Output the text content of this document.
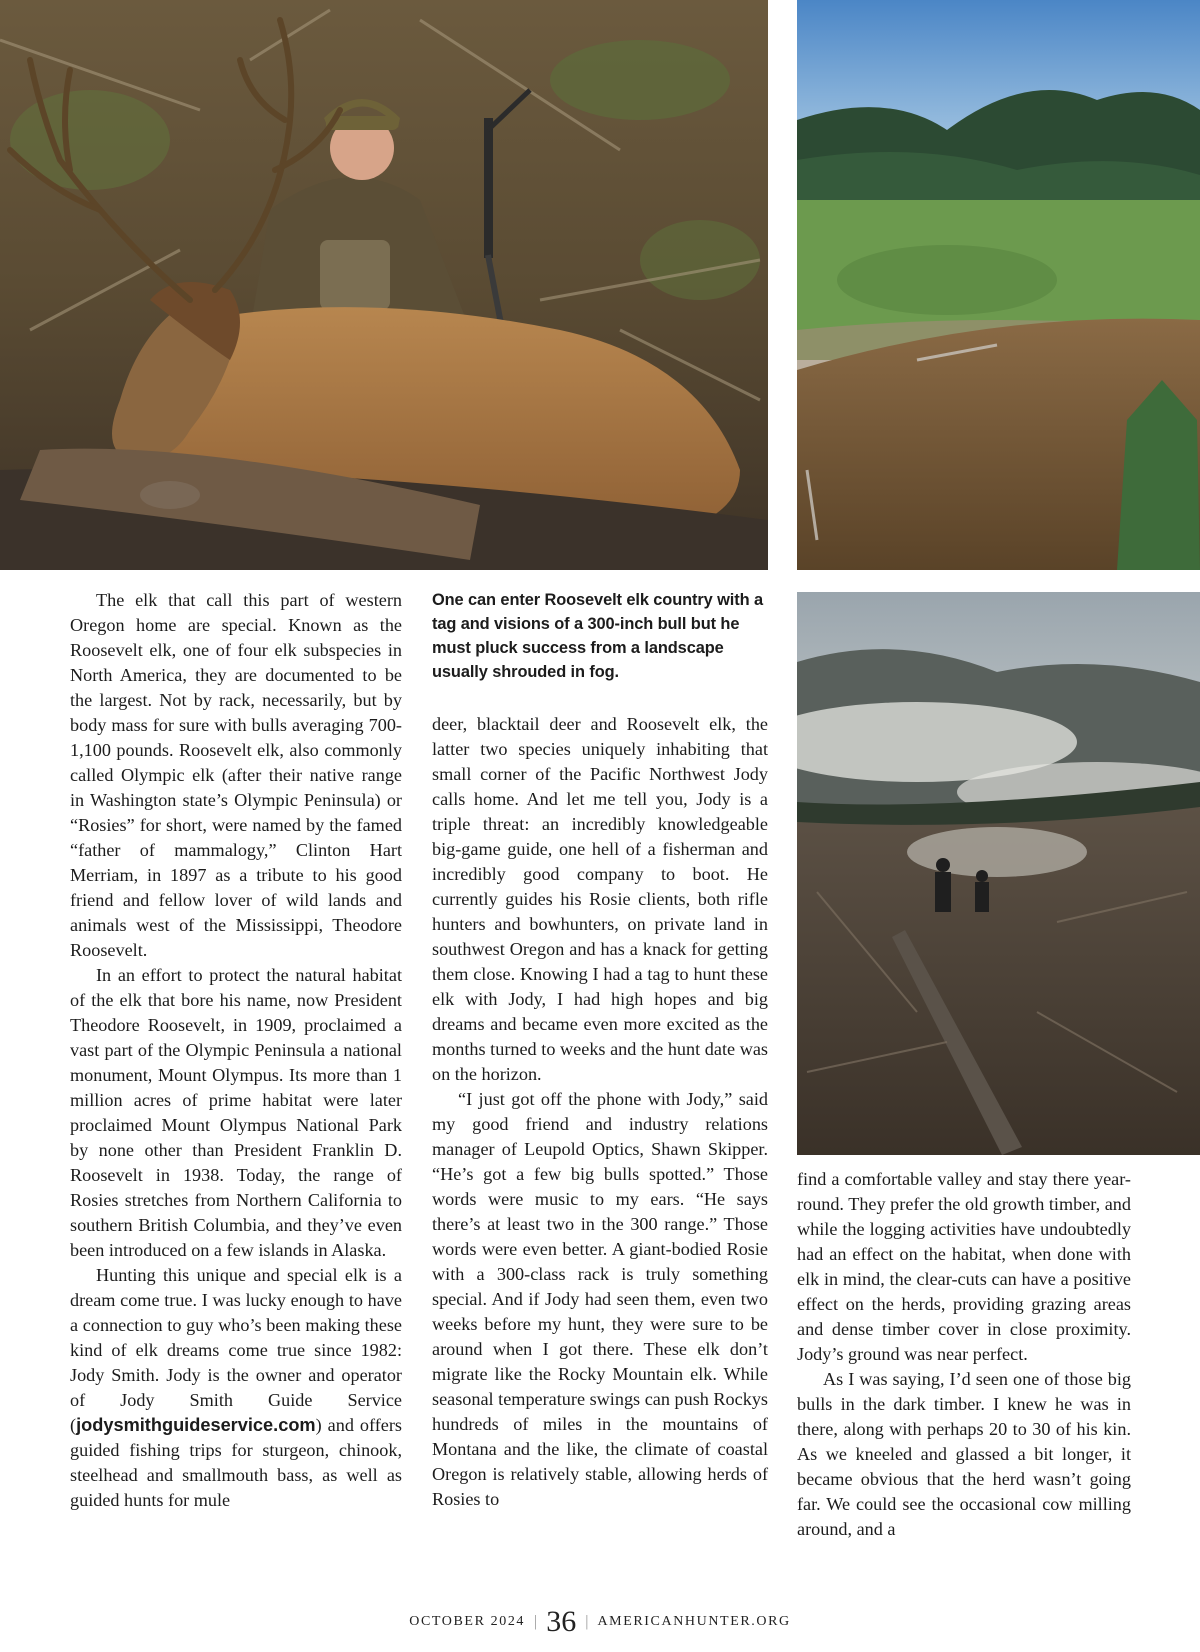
The elk that call this part of western Oregon home are special. Known as the Roosevelt elk, one of four elk subspecies in North America, they are documented to be the largest. Not by rack, necessarily, but by body mass for sure with bulls averaging 700-1,100 pounds. Roosevelt elk, also commonly called Olympic elk (after their native range in Washington state’s Olympic Peninsula) or “Rosies” for short, were named by the famed “father of mammalogy,” Clinton Hart Merriam, in 1897 as a tribute to his good friend and fellow lover of wild lands and animals west of the Mississippi, Theodore Roosevelt.

In an effort to protect the natural habitat of the elk that bore his name, now President Theodore Roosevelt, in 1909, proclaimed a vast part of the Olympic Peninsula a national monument, Mount Olympus. Its more than 1 million acres of prime habitat were later proclaimed Mount Olympus National Park by none other than President Franklin D. Roosevelt in 1938. Today, the range of Rosies stretches from Northern California to southern British Columbia, and they’ve even been introduced on a few islands in Alaska.

Hunting this unique and special elk is a dream come true. I was lucky enough to have a connection to guy who’s been making these kind of elk dreams come true since 1982: Jody Smith. Jody is the owner and operator of Jody Smith Guide Service (jodysmithguideservice.com) and offers guided fishing trips for sturgeon, chinook, steelhead and smallmouth bass, as well as guided hunts for mule

One can enter Roosevelt elk country with a tag and visions of a 300-inch bull but he must pluck success from a landscape usually shrouded in fog.

deer, blacktail deer and Roosevelt elk, the latter two species uniquely inhabiting that small corner of the Pacific Northwest Jody calls home. And let me tell you, Jody is a triple threat: an incredibly knowledgeable big-game guide, one hell of a fisherman and incredibly good company to boot. He currently guides his Rosie clients, both rifle hunters and bowhunters, on private land in southwest Oregon and has a knack for getting them close. Knowing I had a tag to hunt these elk with Jody, I had high hopes and big dreams and became even more excited as the months turned to weeks and the hunt date was on the horizon.

“I just got off the phone with Jody,” said my good friend and industry relations manager of Leupold Optics, Shawn Skipper. “He’s got a few big bulls spotted.” Those words were music to my ears. “He says there’s at least two in the 300 range.” Those words were even better. A giant-bodied Rosie with a 300-class rack is truly something special. And if Jody had seen them, even two weeks before my hunt, they were sure to be around when I got there. These elk don’t migrate like the Rocky Mountain elk. While seasonal temperature swings can push Rockys hundreds of miles in the mountains of Montana and the like, the climate of coastal Oregon is relatively stable, allowing herds of Rosies to

find a comfortable valley and stay there year-round. They prefer the old growth timber, and while the logging activities have undoubtedly had an effect on the habitat, when done with elk in mind, the clear-cuts can have a positive effect on the herds, providing grazing areas and dense timber cover in close proximity. Jody’s ground was near perfect.

As I was saying, I’d seen one of those big bulls in the dark timber. I knew he was in there, along with perhaps 20 to 30 of his kin. As we kneeled and glassed a bit longer, it became obvious that the herd wasn’t going far. We could see the occasional cow milling around, and a

OCTOBER 2024 | 36 | AMERICANHUNTER.ORG
